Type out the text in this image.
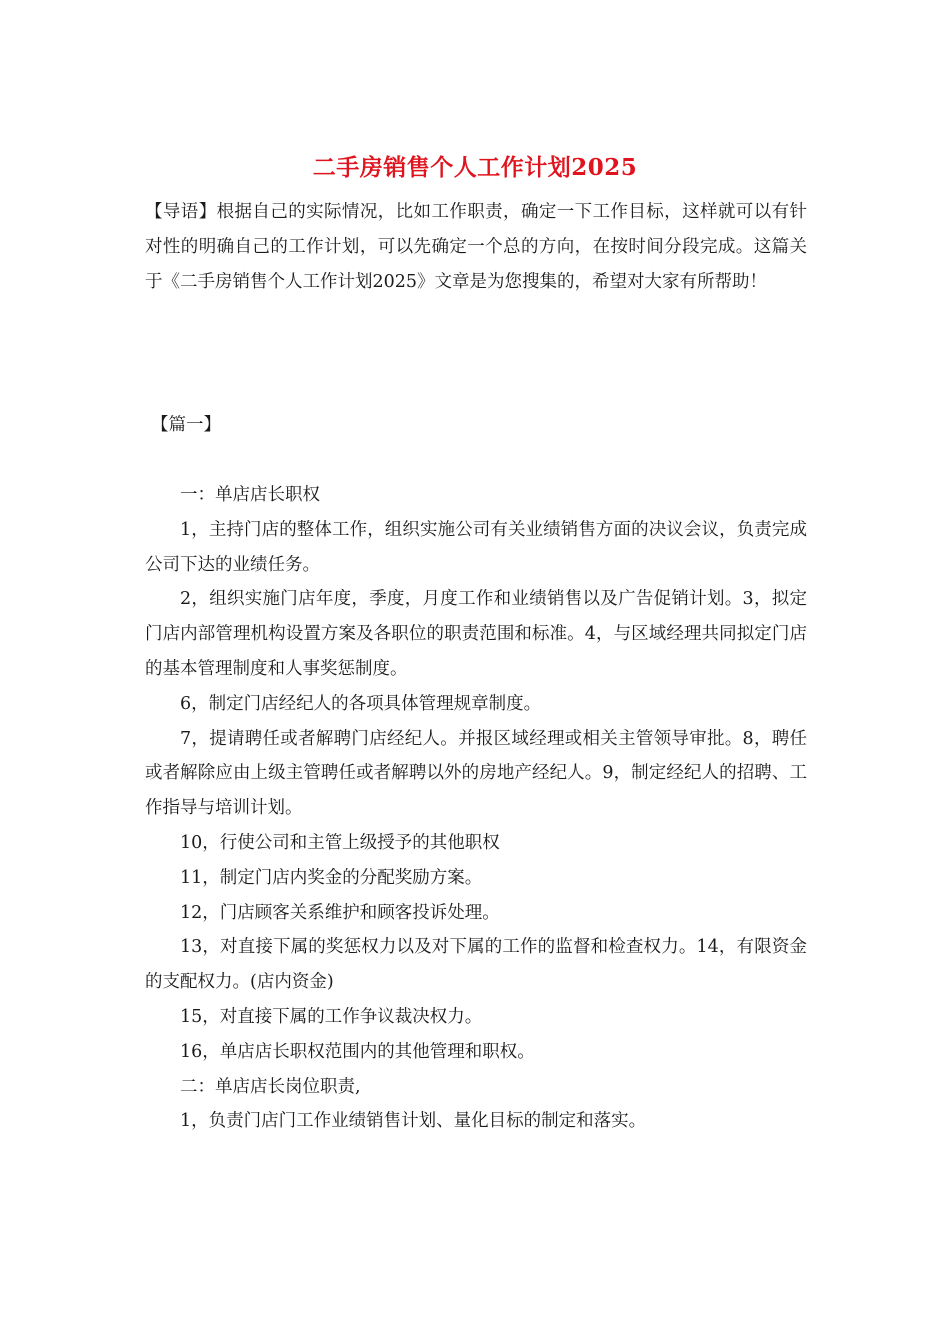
二手房销售个人工作计划2025

【导语】根据自己的实际情况，比如工作职责，确定一下工作目标，这样就可以有针对性的明确自己的工作计划，可以先确定一个总的方向，在按时间分段完成。这篇关于《二手房销售个人工作计划2025》文章是为您搜集的，希望对大家有所帮助！

【篇一】

一：单店店长职权

1，主持门店的整体工作，组织实施公司有关业绩销售方面的决议会议，负责完成公司下达的业绩任务。

2，组织实施门店年度，季度，月度工作和业绩销售以及广告促销计划。3，拟定门店内部管理机构设置方案及各职位的职责范围和标准。4，与区域经理共同拟定门店的基本管理制度和人事奖惩制度。

6，制定门店经纪人的各项具体管理规章制度。

7，提请聘任或者解聘门店经纪人。并报区域经理或相关主管领导审批。8，聘任或者解除应由上级主管聘任或者解聘以外的房地产经纪人。9，制定经纪人的招聘、工作指导与培训计划。

10，行使公司和主管上级授予的其他职权

11，制定门店内奖金的分配奖励方案。

12，门店顾客关系维护和顾客投诉处理。

13，对直接下属的奖惩权力以及对下属的工作的监督和检查权力。14，有限资金的支配权力。(店内资金)

15，对直接下属的工作争议裁决权力。

16，单店店长职权范围内的其他管理和职权。

二：单店店长岗位职责,

1，负责门店门工作业绩销售计划、量化目标的制定和落实。
